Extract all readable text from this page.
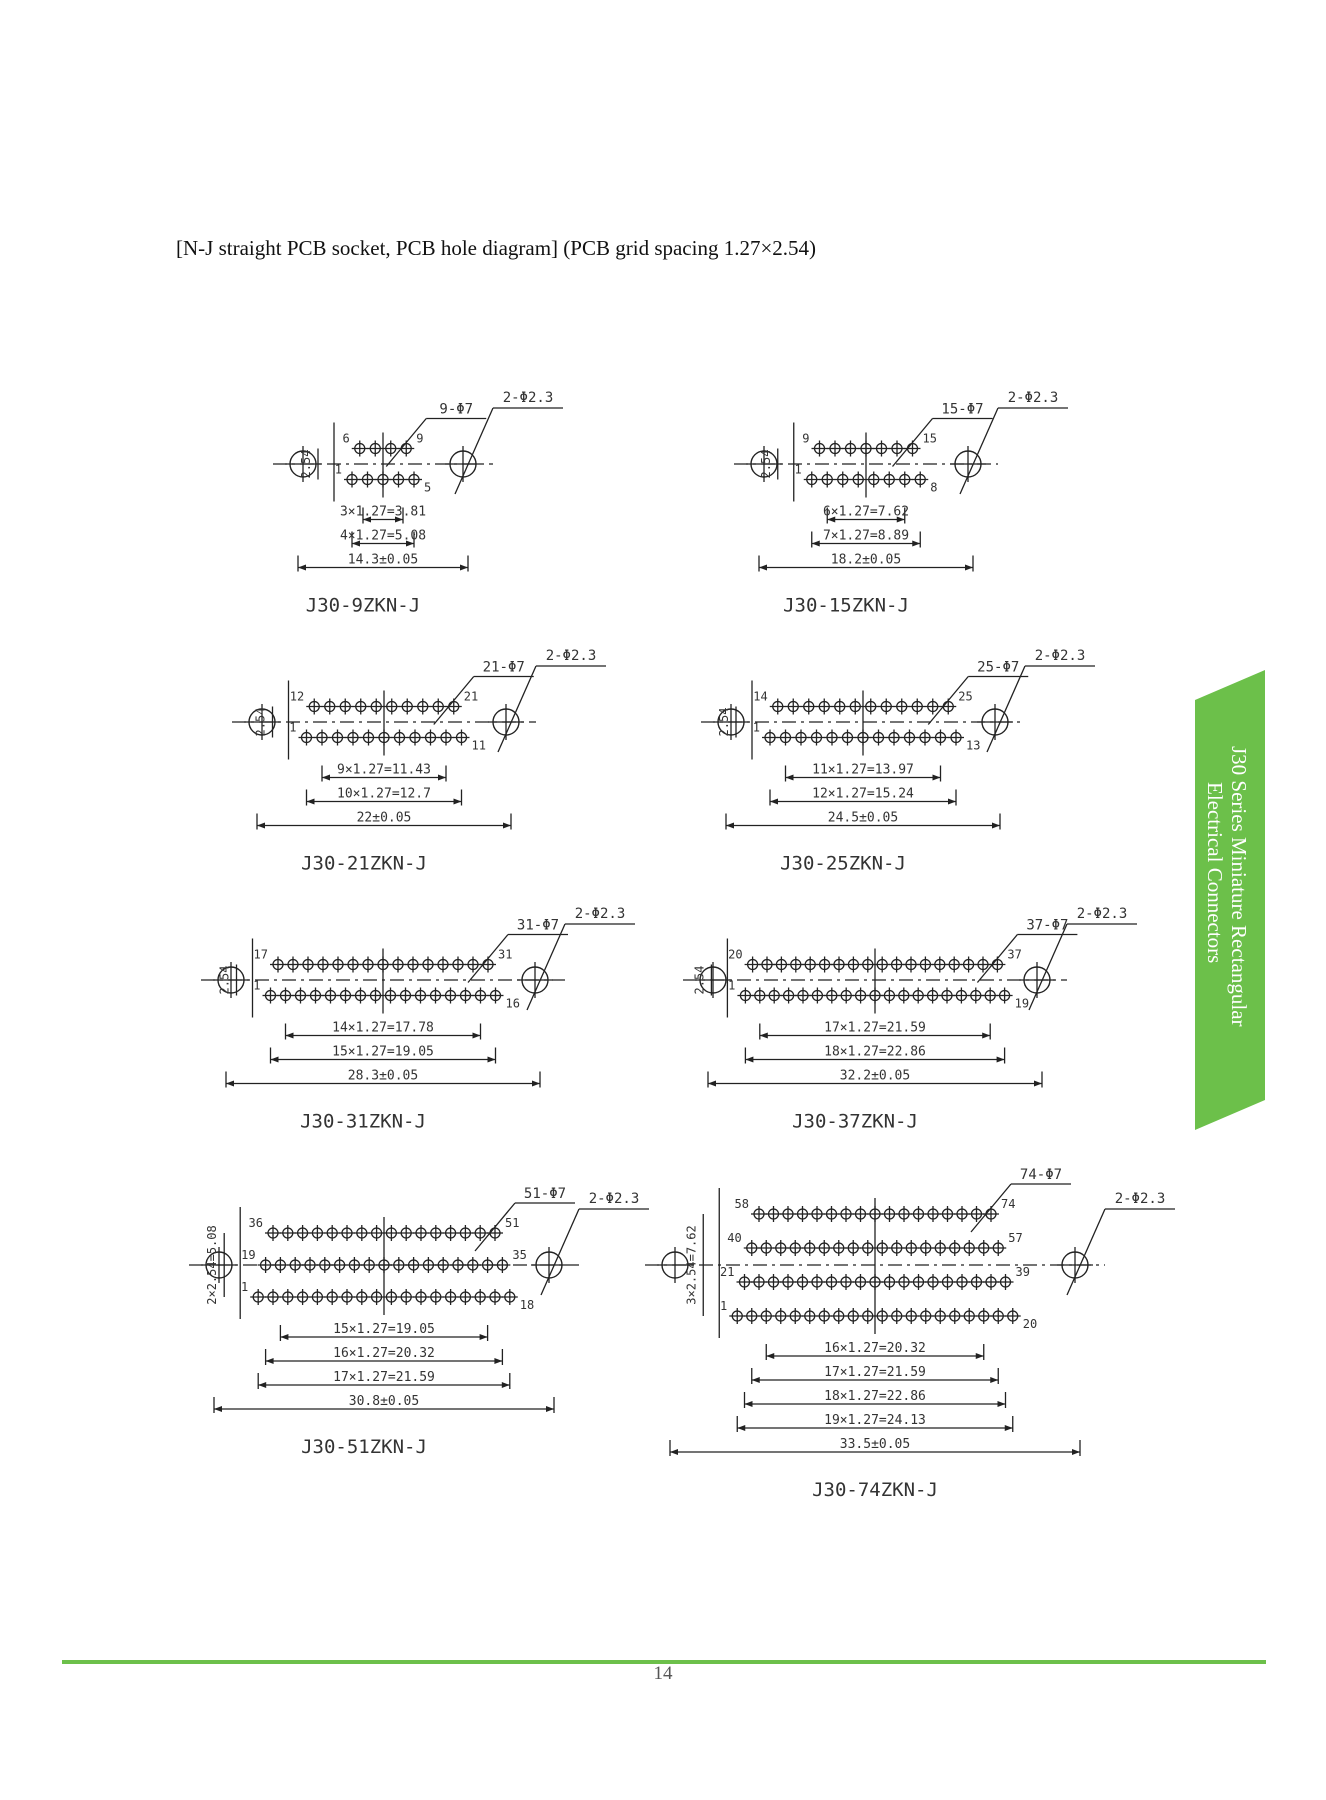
[N-J straight PCB socket, PCB hole diagram] (PCB grid spacing 1.27×2.54)
2-Φ2.3
6	9
1
5
2.54
9-Φ7
3×1.27=3.81
4×1.27=5.08
14.3±0.05
J30-9ZKN-J
2-Φ2.3
9	15
1
8
2.54
15-Φ7
6×1.27=7.62
7×1.27=8.89
18.2±0.05
J30-15ZKN-J
2-Φ2.3
12	21
1
11
2.54
21-Φ7
9×1.27=11.43
10×1.27=12.7
22±0.05
J30-21ZKN-J
2-Φ2.3
14	25
1
13
2.54
25-Φ7
11×1.27=13.97
12×1.27=15.24
24.5±0.05
J30-25ZKN-J
2-Φ2.3
17	31
1
16
2.54
31-Φ7
14×1.27=17.78
15×1.27=19.05
28.3±0.05
J30-31ZKN-J
2-Φ2.3
20	37
1
19
2.54
37-Φ7
17×1.27=21.59
18×1.27=22.86
32.2±0.05
J30-37ZKN-J
2-Φ2.3
36	51
19	35
1
18
2×2.54=5.08
51-Φ7
15×1.27=19.05
16×1.27=20.32
17×1.27=21.59
30.8±0.05
J30-51ZKN-J
2-Φ2.3
58	74
40	57
21	39
1
20
3×2.54=7.62
74-Φ7
16×1.27=20.32
17×1.27=21.59
18×1.27=22.86
19×1.27=24.13
33.5±0.05
J30-74ZKN-J
J30 Series Miniature Rectangular
Electrical Connectors
14
